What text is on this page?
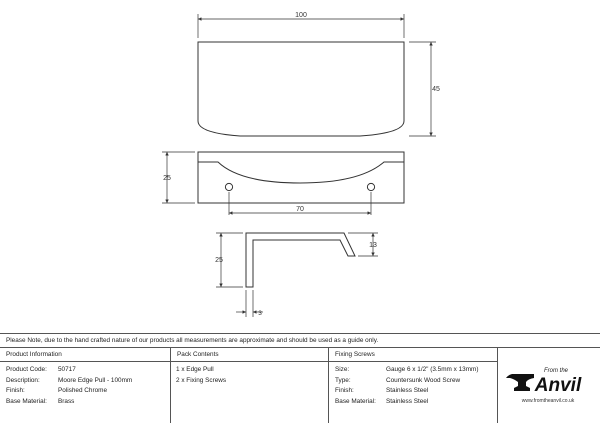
100
45
25
70
25
13
3
Please Note, due to the hand crafted nature of our products all measurements are approximate and should be used as a guide only.
Product Information
Product Code:	50717
Description:	Moore Edge Pull - 100mm
Finish:	Polished Chrome
Base Material:	Brass
Pack Contents
1 x Edge Pull
2 x Fixing Screws
Fixing Screws
Size:	Gauge 6 x 1/2" (3.5mm x 13mm)
Type:	Countersunk Wood Screw
Finish:	Stainless Steel
Base Material:	Stainless Steel
From the
Anvil
www.fromtheanvil.co.uk
